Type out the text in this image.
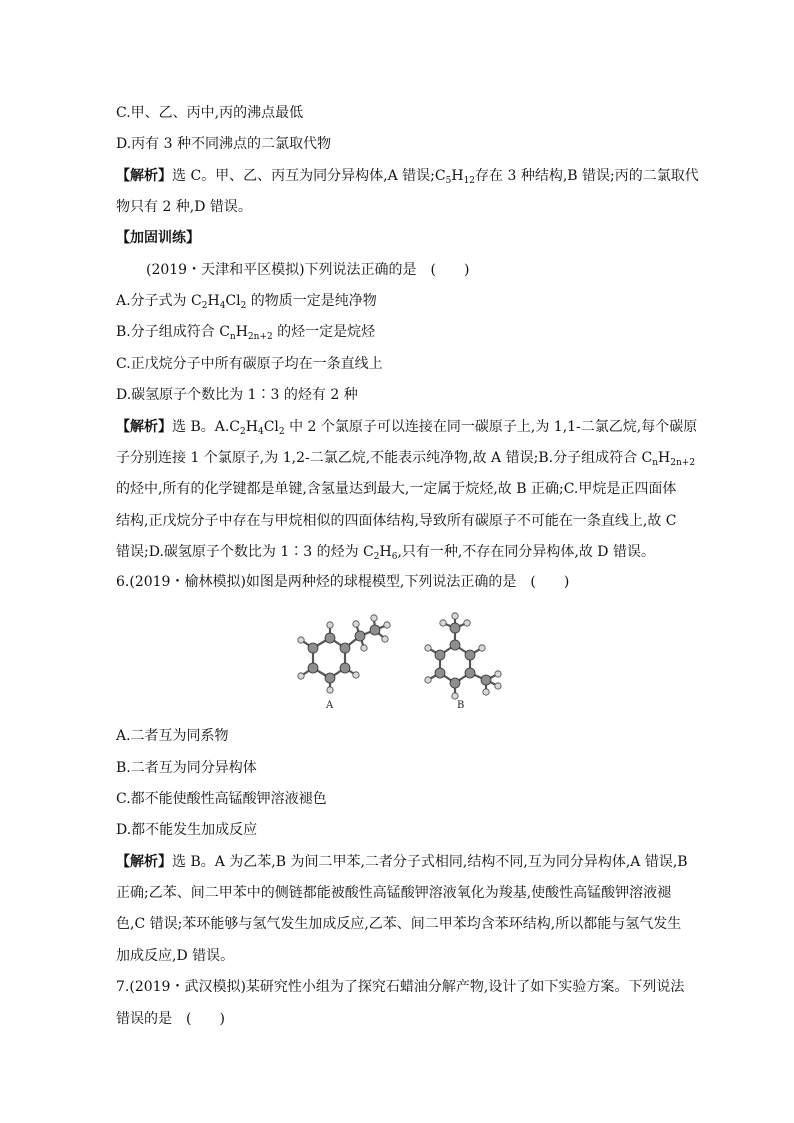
C.甲、乙、丙中,丙的沸点最低
D.丙有 3 种不同沸点的二氯取代物
【解析】选 C。甲、乙、丙互为同分异构体,A 错误$;C_5H_{12}$存在 3 种结构,B 错误;丙的二氯取代
物只有 2 种,D 错误。
【加固训练】
(2019・天津和平区模拟)下列说法正确的是　(　　)
A.分子式为 $C_2H_4Cl_2$ 的物质一定是纯净物
B.分子组成符合 $C_nH_{2n+2}$ 的烃一定是烷烃
C.正戊烷分子中所有碳原子均在一条直线上
D.碳氢原子个数比为 1∶3 的烃有 2 种
【解析】选 B。$A.C_2H_4Cl_2$ 中 2 个氯原子可以连接在同一碳原子上,为 1,1-二氯乙烷,每个碳原
子分别连接 1 个氯原子,为 1,2-二氯乙烷,不能表示纯净物,故 A 错误;B.分子组成符合 $C_nH_{2n+2}$
的烃中,所有的化学键都是单键,含氢量达到最大,一定属于烷烃,故 B 正确;C.甲烷是正四面体
结构,正戊烷分子中存在与甲烷相似的四面体结构,导致所有碳原子不可能在一条直线上,故 C
错误;D.碳氢原子个数比为 1∶3 的烃为 $C_2H_6$,只有一种,不存在同分异构体,故 D 错误。
6.(2019・榆林模拟)如图是两种烃的球棍模型,下列说法正确的是　(　　)
A	B
A.二者互为同系物
B.二者互为同分异构体
C.都不能使酸性高锰酸钾溶液褪色
D.都不能发生加成反应
【解析】选 B。A 为乙苯,B 为间二甲苯,二者分子式相同,结构不同,互为同分异构体,A 错误,B
正确;乙苯、间二甲苯中的侧链都能被酸性高锰酸钾溶液氧化为羧基,使酸性高锰酸钾溶液褪
色,C 错误;苯环能够与氢气发生加成反应,乙苯、间二甲苯均含苯环结构,所以都能与氢气发生
加成反应,D 错误。
7.(2019・武汉模拟)某研究性小组为了探究石蜡油分解产物,设计了如下实验方案。下列说法
错误的是　(　　)
